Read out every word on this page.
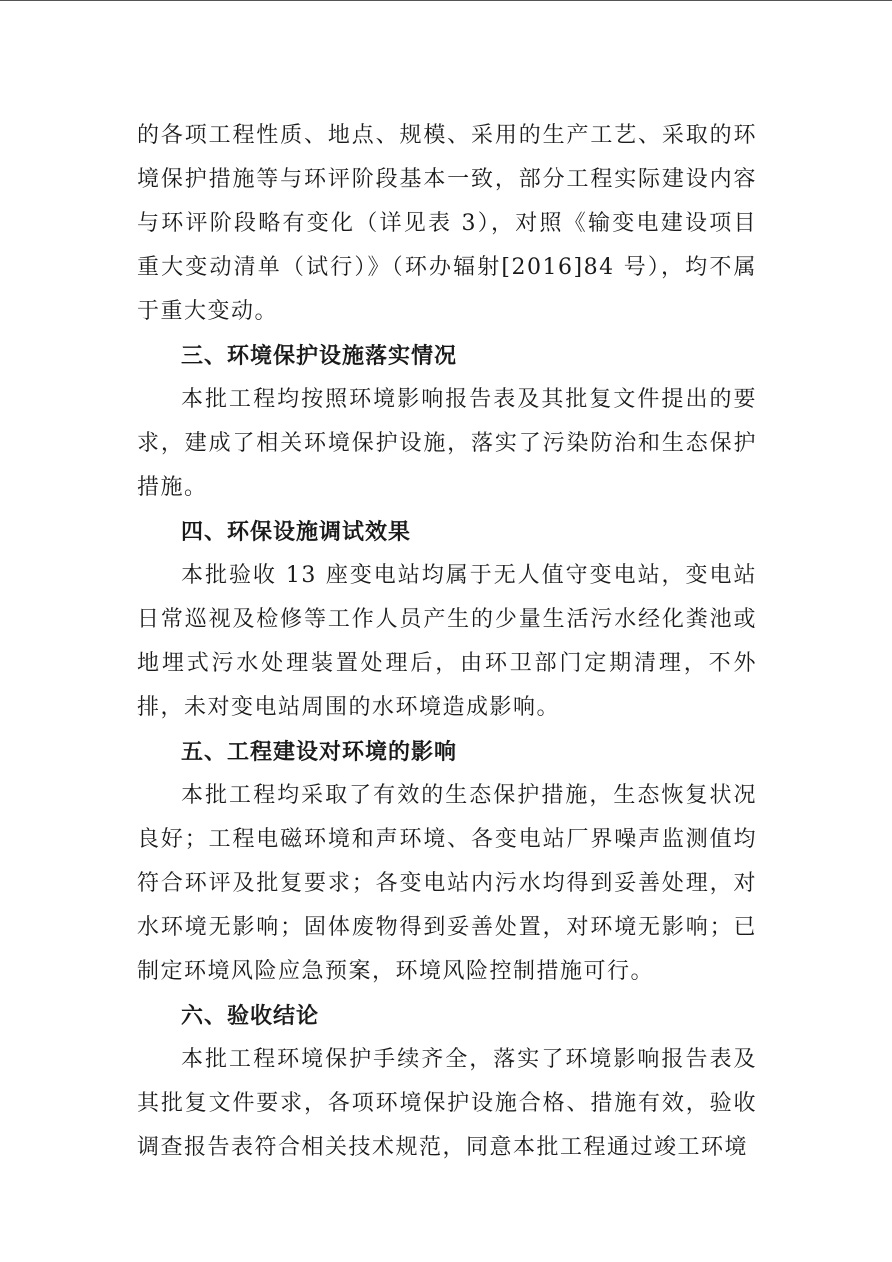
的各项工程性质、地点、规模、采用的生产工艺、采取的环境保护措施等与环评阶段基本一致，部分工程实际建设内容与环评阶段略有变化（详见表 3），对照《输变电建设项目重大变动清单（试行）》（环办辐射[2016]84 号），均不属于重大变动。

三、环境保护设施落实情况

本批工程均按照环境影响报告表及其批复文件提出的要求，建成了相关环境保护设施，落实了污染防治和生态保护措施。

四、环保设施调试效果

本批验收 13 座变电站均属于无人值守变电站，变电站日常巡视及检修等工作人员产生的少量生活污水经化粪池或地埋式污水处理装置处理后，由环卫部门定期清理，不外排，未对变电站周围的水环境造成影响。

五、工程建设对环境的影响

本批工程均采取了有效的生态保护措施，生态恢复状况良好；工程电磁环境和声环境、各变电站厂界噪声监测值均符合环评及批复要求；各变电站内污水均得到妥善处理，对水环境无影响；固体废物得到妥善处置，对环境无影响；已制定环境风险应急预案，环境风险控制措施可行。

六、验收结论

本批工程环境保护手续齐全，落实了环境影响报告表及其批复文件要求，各项环境保护设施合格、措施有效，验收调查报告表符合相关技术规范，同意本批工程通过竣工环境
